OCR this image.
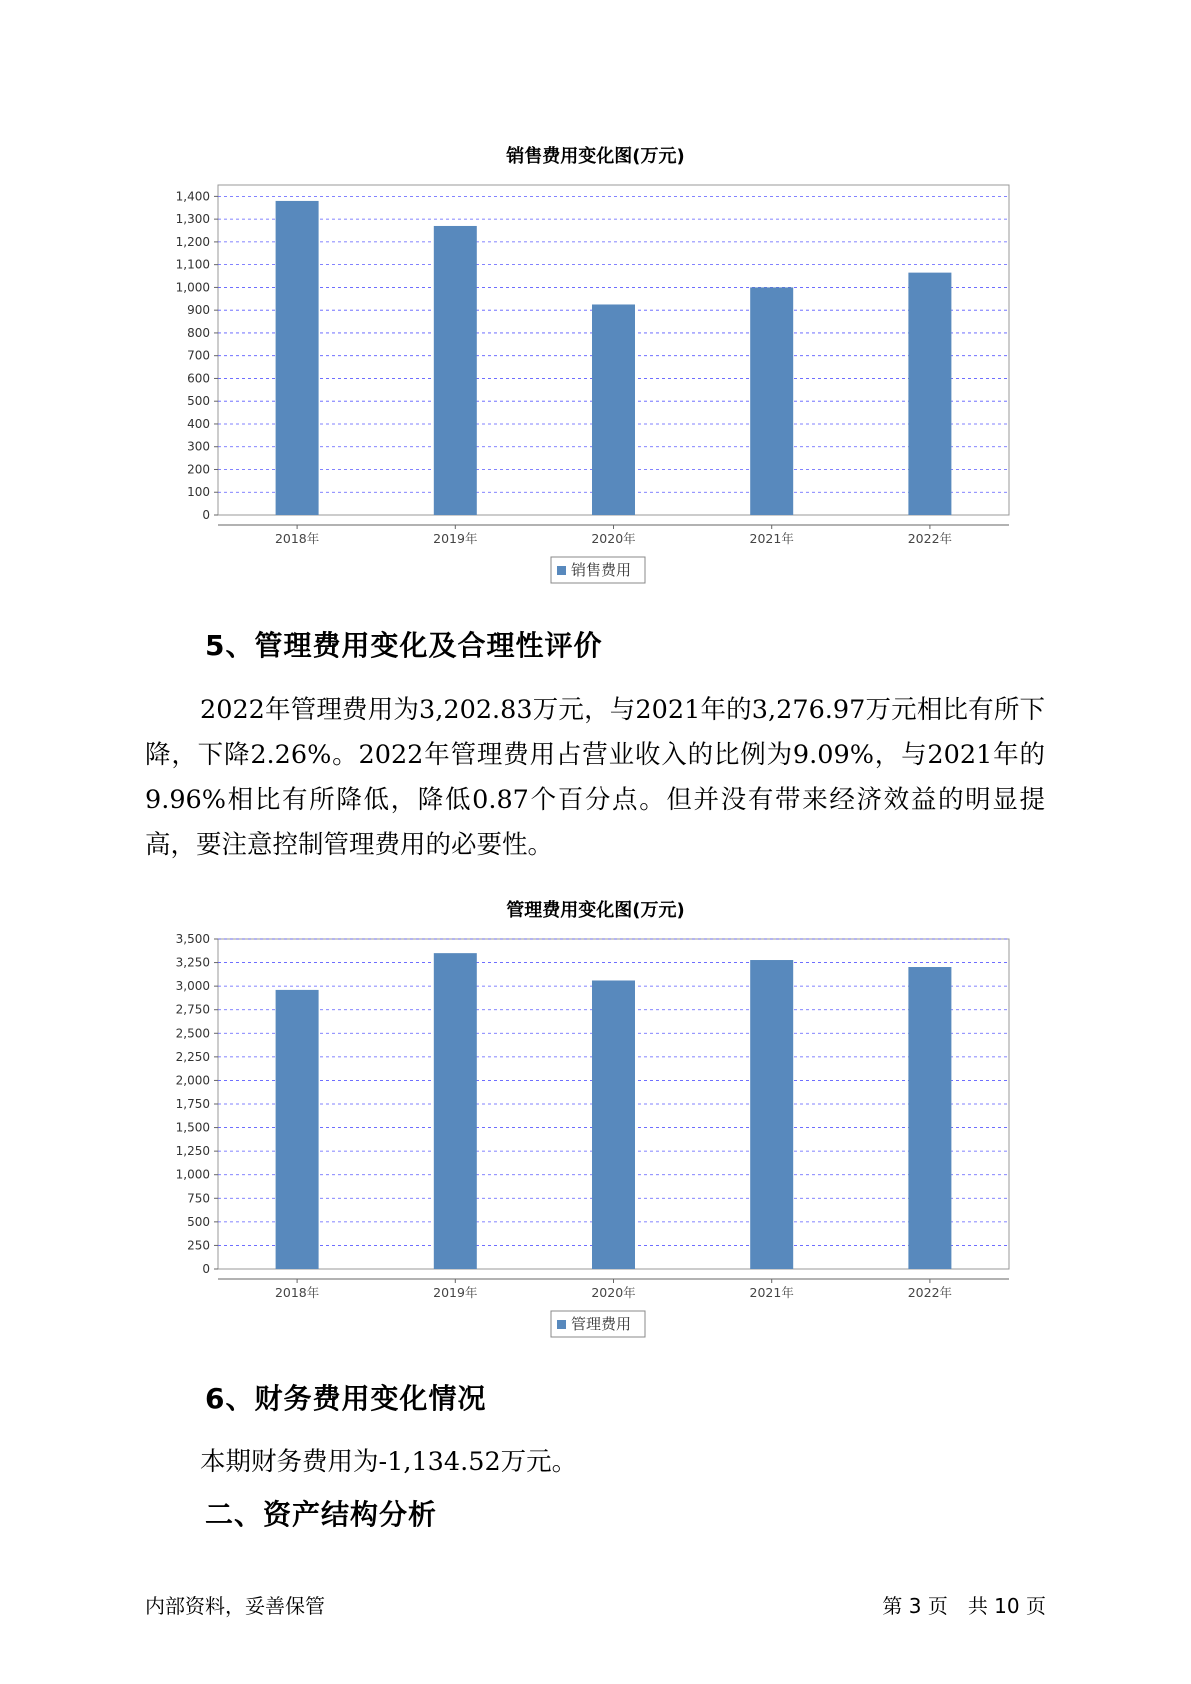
销售费用变化图(万元)
0
100
200
300
400
500
600
700
800
900
1,000
1,100
1,200
1,300
1,400
2018年	2019年	2020年	2021年	2022年
销售费用
5、管理费用变化及合理性评价

2022年管理费用为3,202.83万元，与2021年的3,276.97万元相比有所下降，下降2.26%。2022年管理费用占营业收入的比例为9.09%，与2021年的9.96%相比有所降低，降低0.87个百分点。但并没有带来经济效益的明显提高，要注意控制管理费用的必要性。

管理费用变化图(万元)
0
250
500
750
1,000
1,250
1,500
1,750
2,000
2,250
2,500
2,750
3,000
3,250
3,500
2018年	2019年	2020年	2021年	2022年
管理费用
6、财务费用变化情况

本期财务费用为-1,134.52万元。

二、资产结构分析
内部资料，妥善保管	第 3 页　共 10 页
